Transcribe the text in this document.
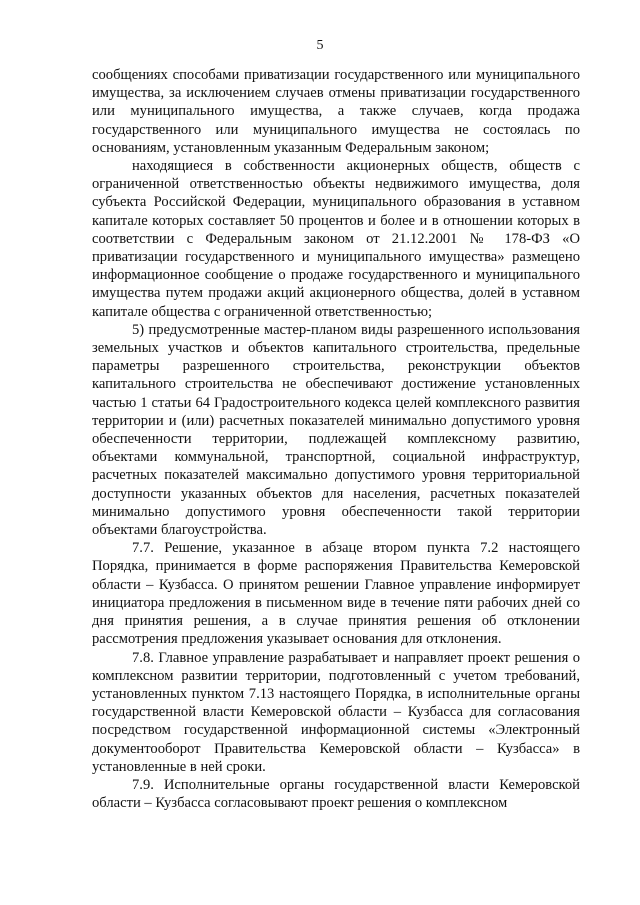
5

сообщениях способами приватизации государственного или муниципального имущества, за исключением случаев отмены приватизации государственного или муниципального имущества, а также случаев, когда продажа государственного или муниципального имущества не состоялась по основаниям, установленным указанным Федеральным законом;

находящиеся в собственности акционерных обществ, обществ с ограниченной ответственностью объекты недвижимого имущества, доля субъекта Российской Федерации, муниципального образования в уставном капитале которых составляет 50 процентов и более и в отношении которых в соответствии с Федеральным законом от 21.12.2001 № 178-ФЗ «О приватизации государственного и муниципального имущества» размещено информационное сообщение о продаже государственного и муниципального имущества путем продажи акций акционерного общества, долей в уставном капитале общества с ограниченной ответственностью;

5) предусмотренные мастер-планом виды разрешенного использования земельных участков и объектов капитального строительства, предельные параметры разрешенного строительства, реконструкции объектов капитального строительства не обеспечивают достижение установленных частью 1 статьи 64 Градостроительного кодекса целей комплексного развития территории и (или) расчетных показателей минимально допустимого уровня обеспеченности территории, подлежащей комплексному развитию, объектами коммунальной, транспортной, социальной инфраструктур, расчетных показателей максимально допустимого уровня территориальной доступности указанных объектов для населения, расчетных показателей минимально допустимого уровня обеспеченности такой территории объектами благоустройства.

7.7. Решение, указанное в абзаце втором пункта 7.2 настоящего Порядка, принимается в форме распоряжения Правительства Кемеровской области – Кузбасса. О принятом решении Главное управление информирует инициатора предложения в письменном виде в течение пяти рабочих дней со дня принятия решения, а в случае принятия решения об отклонении рассмотрения предложения указывает основания для отклонения.

7.8. Главное управление разрабатывает и направляет проект решения о комплексном развитии территории, подготовленный с учетом требований, установленных пунктом 7.13 настоящего Порядка, в исполнительные органы государственной власти Кемеровской области – Кузбасса для согласования посредством государственной информационной системы «Электронный документооборот Правительства Кемеровской области – Кузбасса» в установленные в ней сроки.

7.9. Исполнительные органы государственной власти Кемеровской области – Кузбасса согласовывают проект решения о комплексном
